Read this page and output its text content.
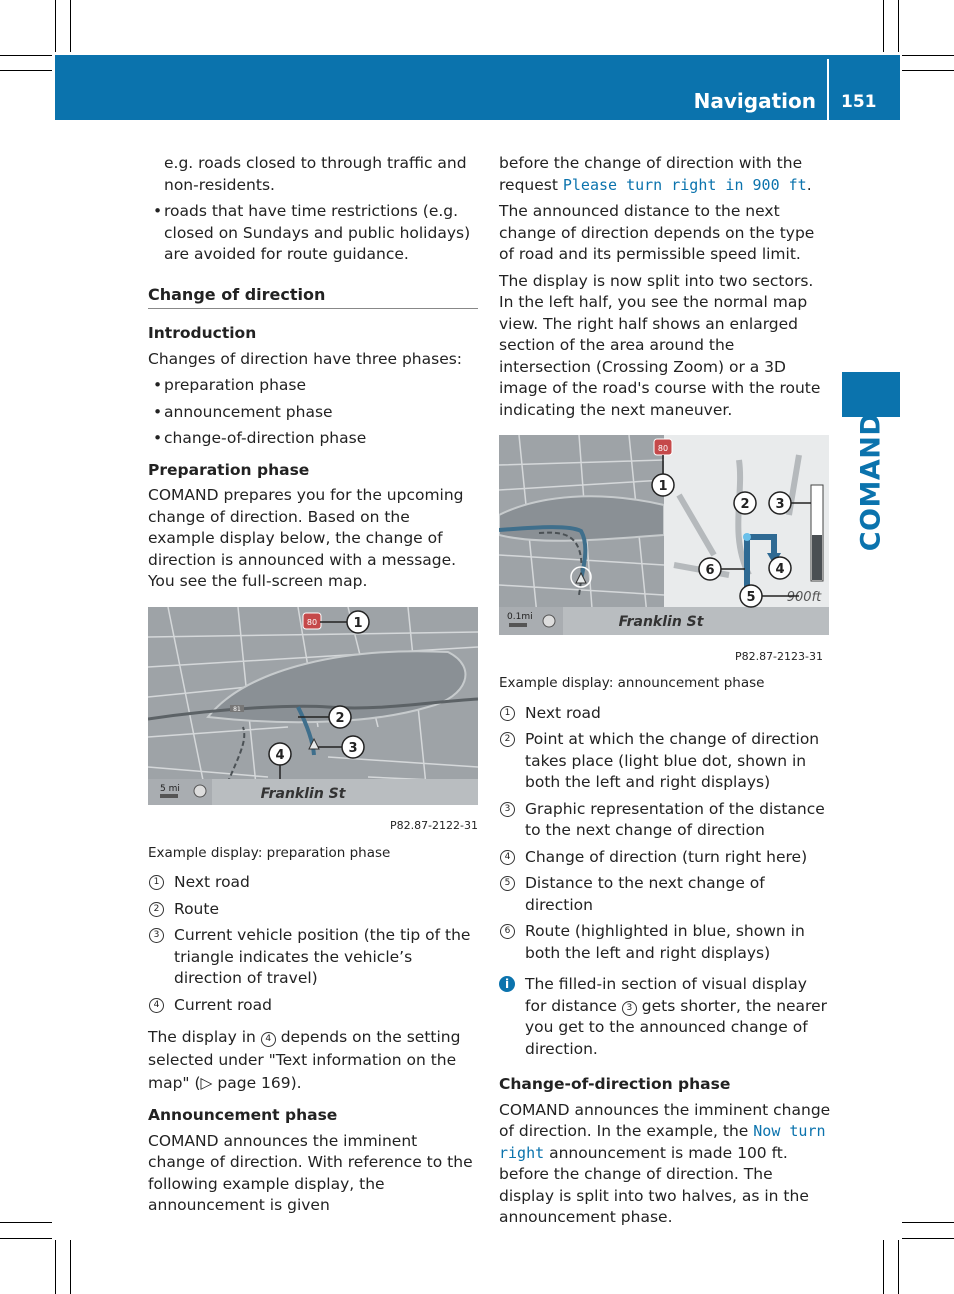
Navigation 151
COMAND

e.g. roads closed to through traffic and non-residents.

• roads that have time restrictions (e.g. closed on Sundays and public holidays) are avoided for route guidance.
Change of direction
Introduction

Changes of direction have three phases:

• preparation phase
• announcement phase
• change-of-direction phase
Preparation phase

COMAND prepares you for the upcoming change of direction. Based on the example display below, the change of direction is announced with a message. You see the full-screen map.

5 mi	Franklin St
80
81
1
2
3
4
P82.87-2122-31
Example display: preparation phase
1 Next road
2 Route
3 Current vehicle position (the tip of the triangle indicates the vehicle’s direction of travel)
4 Current road

The display in 4 depends on the setting selected under "Text information on the map" (▷ page 169).

Announcement phase

COMAND announces the imminent change of direction. With reference to the following example display, the announcement is given

before the change of direction with the request Please turn right in 900 ft.

The announced distance to the next change of direction depends on the type of road and its permissible speed limit.

The display is now split into two sectors. In the left half, you see the normal map view. The right half shows an enlarged section of the area around the intersection (Crossing Zoom) or a 3D image of the road's course with the route indicating the next maneuver.

0.1mi	Franklin St
900ft
80
1
2 3
4
5
6
P82.87-2123-31
Example display: announcement phase
1 Next road
2 Point at which the change of direction takes place (light blue dot, shown in both the left and right displays)
3 Graphic representation of the distance to the next change of direction
4 Change of direction (turn right here)
5 Distance to the next change of direction
6 Route (highlighted in blue, shown in both the left and right displays)
i	The filled-in section of visual display for distance 3 gets shorter, the nearer you get to the announced change of direction.
Change-of-direction phase

COMAND announces the imminent change of direction. In the example, the Now turn right announcement is made 100 ft. before the change of direction. The display is split into two halves, as in the announcement phase.
